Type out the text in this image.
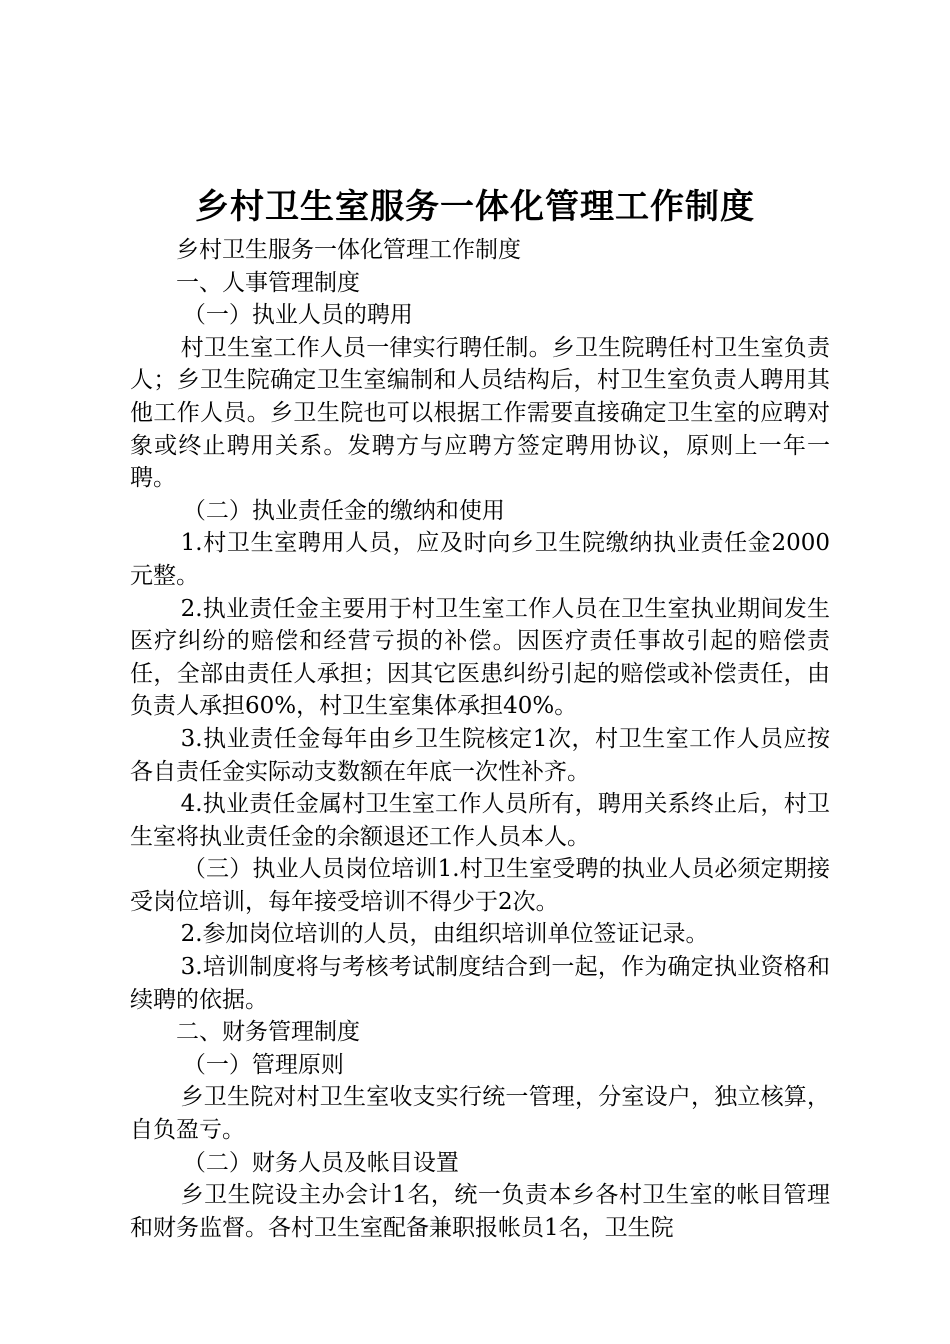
乡村卫生室服务一体化管理工作制度

乡村卫生服务一体化管理工作制度

一、人事管理制度

（一）执业人员的聘用

村卫生室工作人员一律实行聘任制。乡卫生院聘任村卫生室负责人；乡卫生院确定卫生室编制和人员结构后，村卫生室负责人聘用其他工作人员。乡卫生院也可以根据工作需要直接确定卫生室的应聘对象或终止聘用关系。发聘方与应聘方签定聘用协议，原则上一年一聘。

（二）执业责任金的缴纳和使用

1.村卫生室聘用人员，应及时向乡卫生院缴纳执业责任金2000元整。

2.执业责任金主要用于村卫生室工作人员在卫生室执业期间发生医疗纠纷的赔偿和经营亏损的补偿。因医疗责任事故引起的赔偿责任，全部由责任人承担；因其它医患纠纷引起的赔偿或补偿责任，由负责人承担60%，村卫生室集体承担40%。

3.执业责任金每年由乡卫生院核定1次，村卫生室工作人员应按各自责任金实际动支数额在年底一次性补齐。

4.执业责任金属村卫生室工作人员所有，聘用关系终止后，村卫生室将执业责任金的余额退还工作人员本人。

（三）执业人员岗位培训1.村卫生室受聘的执业人员必须定期接受岗位培训，每年接受培训不得少于2次。

2.参加岗位培训的人员，由组织培训单位签证记录。

3.培训制度将与考核考试制度结合到一起，作为确定执业资格和续聘的依据。

二、财务管理制度

（一）管理原则

乡卫生院对村卫生室收支实行统一管理，分室设户，独立核算，自负盈亏。

（二）财务人员及帐目设置

乡卫生院设主办会计1名，统一负责本乡各村卫生室的帐目管理和财务监督。各村卫生室配备兼职报帐员1名，卫生院
